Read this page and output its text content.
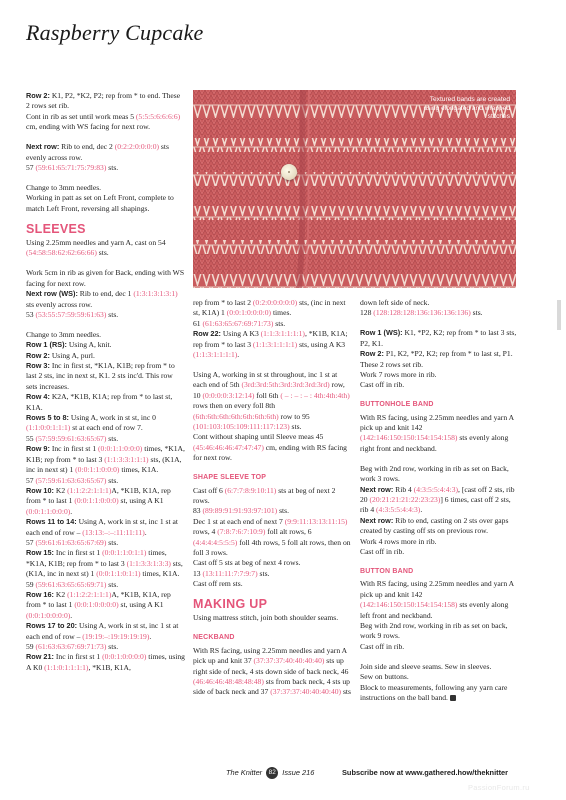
Raspberry Cupcake

Row 2: K1, P2, *K2, P2; rep from * to end. These 2 rows set rib.
Cont in rib as set until work meas 5 (5:5:5:6:6:6:6) cm, ending with WS facing for next row.

Next row: Rib to end, dec 2 (0:2:2:0:0:0:0) sts evenly across row.
57 (59:61:65:71:75:79:83) sts.

Change to 3mm needles.
Working in patt as set on Left Front, complete to match Left Front, reversing all shapings.

SLEEVES

Using 2.25mm needles and yarn A, cast on 54 (54:58:58:62:62:66:66) sts.

Work 5cm in rib as given for Back, ending with WS facing for next row.
Next row (WS): Rib to end, dec 1 (1:3:1:3:1:3:1) sts evenly across row.
53 (53:55:57:59:59:61:63) sts.

Change to 3mm needles.
Row 1 (RS): Using A, knit.
Row 2: Using A, purl.
Row 3: Inc in first st, *K1A, K1B; rep from * to last 2 sts, inc in next st, K1. 2 sts inc'd. This row sets increases.
Row 4: K2A, *K1B, K1A; rep from * to last st, K1A.
Rows 5 to 8: Using A, work in st st, inc 0 (1:1:0:0:1:1:1) st at each end of row 7.
55 (57:59:59:61:63:65:67) sts.
Row 9: Inc in first st 1 (0:0:1:1:0:0:0) times, *K1A, K1B; rep from * to last 3 (1:1:3:3:1:1:1) sts, (K1A, inc in next st) 1 (0:0:1:1:0:0:0) times, K1A.
57 (57:59:61:63:63:65:67) sts.
Row 10: K2 (1:1:2:2:1:1:1)A, *K1B, K1A, rep from * to last 1 (0:0:1:1:0:0:0) st, using A K1 (0:0:1:1:0:0:0).
Rows 11 to 14: Using A, work in st st, inc 1 st at each end of row – (13:13:–:–:11:11:11).
57 (59:61:61:63:65:67:69) sts.
Row 15: Inc in first st 1 (0:0:1:1:0:1:1) times, *K1A, K1B; rep from * to last 3 (1:1:3:3:1:3:3) sts, (K1A, inc in next st) 1 (0:0:1:1:0:1:1) times, K1A.
59 (59:61:63:65:65:69:71) sts.
Row 16: K2 (1:1:2:2:1:1:1)A, *K1B, K1A, rep from * to last 1 (0:0:1:0:0:0:0) st, using A K1 (0:0:1:0:0:0:0).
Rows 17 to 20: Using A, work in st st, inc 1 st at each end of row – (19:19:–:19:19:19:19).
59 (61:63:63:67:69:71:73) sts.
Row 21: Inc in first st 1 (0:0:1:0:0:0:0) times, using A K0 (1:1:0:1:1:1:1), *K1B, K1A,

Textured bands are created using elongated and wrapped stitches

rep from * to last 2 (0:2:0:0:0:0:0) sts, (inc in next st, K1A) 1 (0:0:1:0:0:0:0) times.
61 (61:63:65:67:69:71:73) sts.
Row 22: Using A K3 (1:1:3:1:1:1:1), *K1B, K1A; rep from * to last 3 (1:1:3:1:1:1:1) sts, using A K3 (1:1:3:1:1:1:1).

Using A, working in st st throughout, inc 1 st at each end of 5th (3rd:3rd:5th:3rd:3rd:3rd:3rd) row, 10 (0:0:0:0:3:12:14) foll 6th ( – : – : – : 4th:4th:4th) rows then on every foll 8th (6th:6th:6th:6th:6th:6th:6th) row to 95 (101:103:105:109:111:117:123) sts.
Cont without shaping until Sleeve meas 45 (45:46:46:46:47:47:47) cm, ending with RS facing for next row.

SHAPE SLEEVE TOP

Cast off 6 (6:7:7:8:9:10:11) sts at beg of next 2 rows.
83 (89:89:91:91:93:97:101) sts.
Dec 1 st at each end of next 7 (9:9:11:13:13:11:15) rows, 4 (7:8:7:6:7:10:9) foll alt rows, 6 (4:4:4:4:5:5:5) foll 4th rows, 5 foll alt rows, then on foll 3 rows.
Cast off 5 sts at beg of next 4 rows.
13 (13:11:11:7:7:9:7) sts.
Cast off rem sts.

MAKING UP

Using mattress stitch, join both shoulder seams.

NECKBAND

With RS facing, using 2.25mm needles and yarn A pick up and knit 37 (37:37:37:40:40:40:40) sts up right side of neck, 4 sts down side of back neck, 46 (46:46:46:48:48:48:48) sts from back neck, 4 sts up side of back neck and 37 (37:37:37:40:40:40:40) sts

down left side of neck.
128 (128:128:128:136:136:136:136) sts.

Row 1 (WS): K1, *P2, K2; rep from * to last 3 sts, P2, K1.
Row 2: P1, K2, *P2, K2; rep from * to last st, P1.
These 2 rows set rib.
Work 7 rows more in rib.
Cast off in rib.

BUTTONHOLE BAND

With RS facing, using 2.25mm needles and yarn A pick up and knit 142 (142:146:150:150:154:154:158) sts evenly along right front and neckband.

Beg with 2nd row, working in rib as set on Back, work 3 rows.
Next row: Rib 4 (4:3:5:5:4:4:3), [cast off 2 sts, rib 20 (20:21:21:21:22:23:23)] 6 times, cast off 2 sts, rib 4 (4:3:5:5:4:4:3).
Next row: Rib to end, casting on 2 sts over gaps created by casting off sts on previous row.
Work 4 rows more in rib.
Cast off in rib.

BUTTON BAND

With RS facing, using 2.25mm needles and yarn A pick up and knit 142 (142:146:150:150:154:154:158) sts evenly along left front and neckband.
Beg with 2nd row, working in rib as set on back, work 9 rows.
Cast off in rib.

Join side and sleeve seams. Sew in sleeves.
Sew on buttons.
Block to measurements, following any yarn care instructions on the ball band.

The Knitter 82 Issue 216	Subscribe now at www.gathered.how/theknitter
PassionForum.ru
